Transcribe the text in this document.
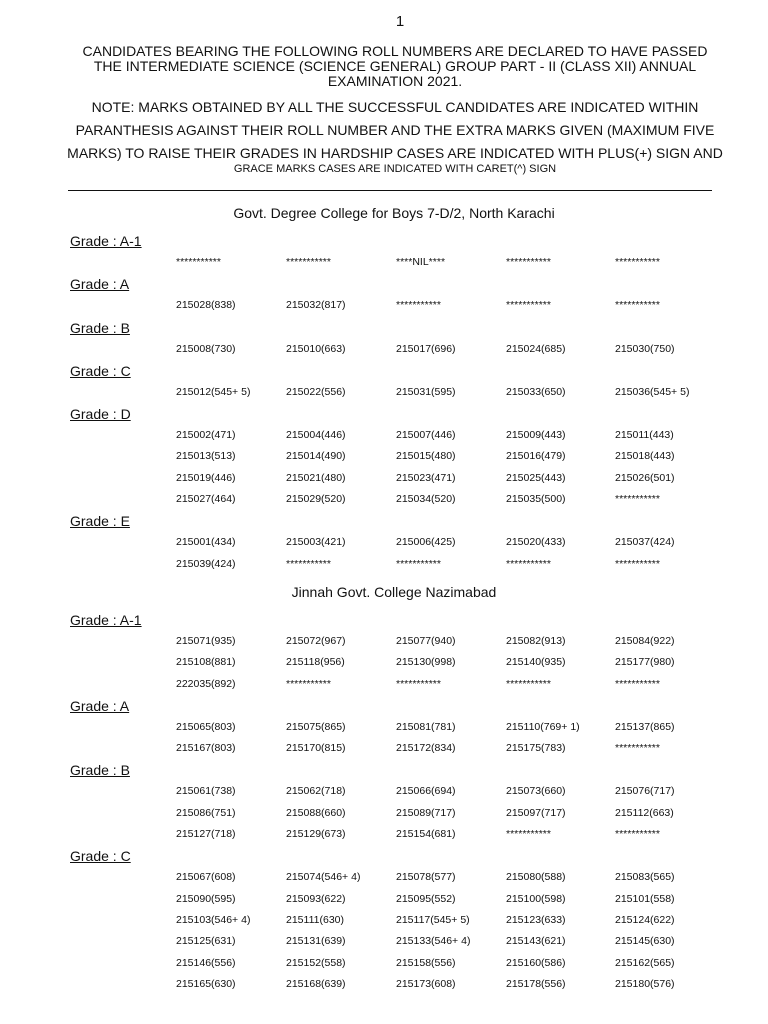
1
CANDIDATES BEARING THE FOLLOWING ROLL NUMBERS ARE DECLARED TO HAVE PASSED THE INTERMEDIATE SCIENCE (SCIENCE GENERAL) GROUP PART - II (CLASS XII) ANNUAL EXAMINATION 2021.
NOTE: MARKS OBTAINED BY ALL THE SUCCESSFUL CANDIDATES ARE INDICATED WITHIN PARANTHESIS AGAINST THEIR ROLL NUMBER AND THE EXTRA MARKS GIVEN (MAXIMUM FIVE MARKS) TO RAISE THEIR GRADES IN HARDSHIP CASES ARE INDICATED WITH PLUS(+) SIGN AND
GRACE MARKS CASES ARE INDICATED WITH CARET(^) SIGN
Govt. Degree College for Boys 7-D/2, North Karachi
Grade : A-1
***********	***********	****NIL****	***********	***********
Grade : A
215028(838)	215032(817)	***********	***********	***********
Grade : B
215008(730)	215010(663)	215017(696)	215024(685)	215030(750)
Grade : C
215012(545+ 5)	215022(556)	215031(595)	215033(650)	215036(545+ 5)
Grade : D
215002(471)	215004(446)	215007(446)	215009(443)	215011(443)
215013(513)	215014(490)	215015(480)	215016(479)	215018(443)
215019(446)	215021(480)	215023(471)	215025(443)	215026(501)
215027(464)	215029(520)	215034(520)	215035(500)	***********
Grade : E
215001(434)	215003(421)	215006(425)	215020(433)	215037(424)
215039(424)	***********	***********	***********	***********
Jinnah Govt. College Nazimabad
Grade : A-1
215071(935)	215072(967)	215077(940)	215082(913)	215084(922)
215108(881)	215118(956)	215130(998)	215140(935)	215177(980)
222035(892)	***********	***********	***********	***********
Grade : A
215065(803)	215075(865)	215081(781)	215110(769+ 1)	215137(865)
215167(803)	215170(815)	215172(834)	215175(783)	***********
Grade : B
215061(738)	215062(718)	215066(694)	215073(660)	215076(717)
215086(751)	215088(660)	215089(717)	215097(717)	215112(663)
215127(718)	215129(673)	215154(681)	***********	***********
Grade : C
215067(608)	215074(546+ 4)	215078(577)	215080(588)	215083(565)
215090(595)	215093(622)	215095(552)	215100(598)	215101(558)
215103(546+ 4)	215111(630)	215117(545+ 5)	215123(633)	215124(622)
215125(631)	215131(639)	215133(546+ 4)	215143(621)	215145(630)
215146(556)	215152(558)	215158(556)	215160(586)	215162(565)
215165(630)	215168(639)	215173(608)	215178(556)	215180(576)
